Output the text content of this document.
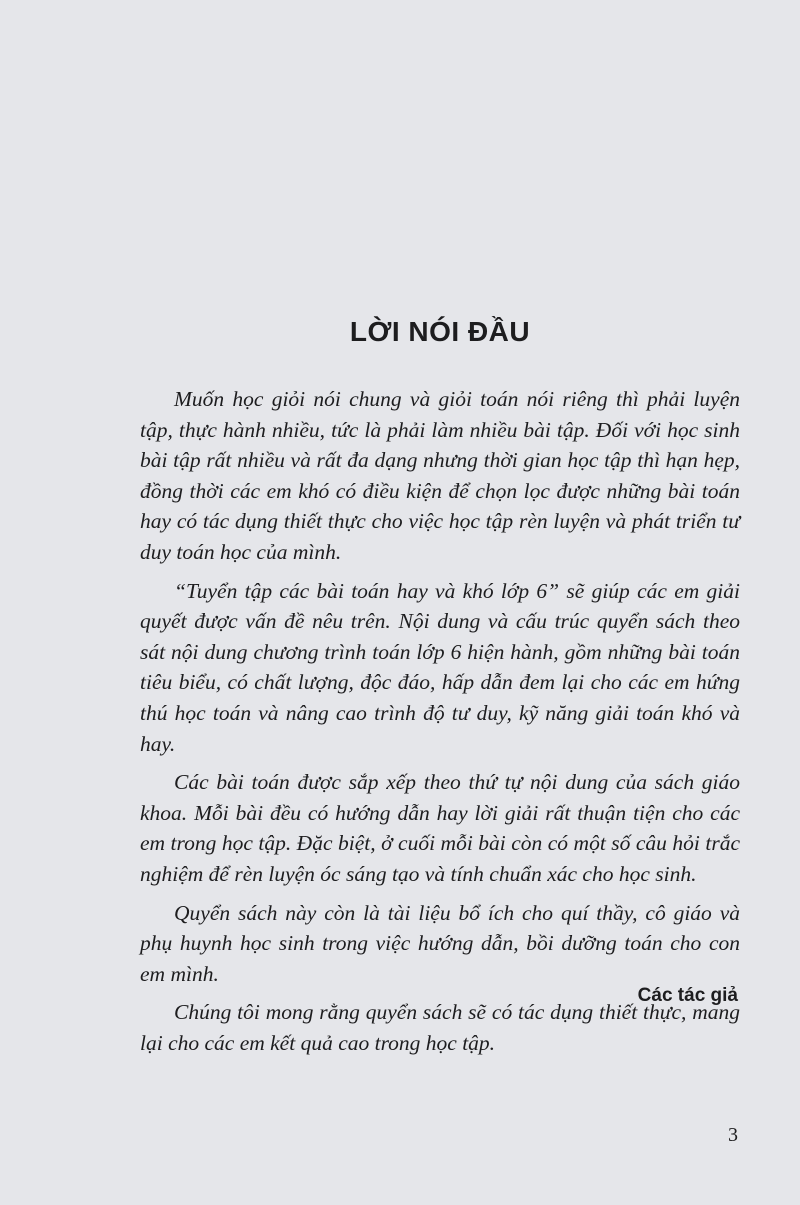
LỜI NÓI ĐẦU

Muốn học giỏi nói chung và giỏi toán nói riêng thì phải luyện tập, thực hành nhiều, tức là phải làm nhiều bài tập. Đối với học sinh bài tập rất nhiều và rất đa dạng nhưng thời gian học tập thì hạn hẹp, đồng thời các em khó có điều kiện để chọn lọc được những bài toán hay có tác dụng thiết thực cho việc học tập rèn luyện và phát triển tư duy toán học của mình.

“Tuyển tập các bài toán hay và khó lớp 6” sẽ giúp các em giải quyết được vấn đề nêu trên. Nội dung và cấu trúc quyển sách theo sát nội dung chương trình toán lớp 6 hiện hành, gồm những bài toán tiêu biểu, có chất lượng, độc đáo, hấp dẫn đem lại cho các em hứng thú học toán và nâng cao trình độ tư duy, kỹ năng giải toán khó và hay.

Các bài toán được sắp xếp theo thứ tự nội dung của sách giáo khoa. Mỗi bài đều có hướng dẫn hay lời giải rất thuận tiện cho các em trong học tập. Đặc biệt, ở cuối mỗi bài còn có một số câu hỏi trắc nghiệm để rèn luyện óc sáng tạo và tính chuẩn xác cho học sinh.

Quyển sách này còn là tài liệu bổ ích cho quí thầy, cô giáo và phụ huynh học sinh trong việc hướng dẫn, bồi dưỡng toán cho con em mình.

Chúng tôi mong rằng quyển sách sẽ có tác dụng thiết thực, mang lại cho các em kết quả cao trong học tập.

Các tác giả
3
